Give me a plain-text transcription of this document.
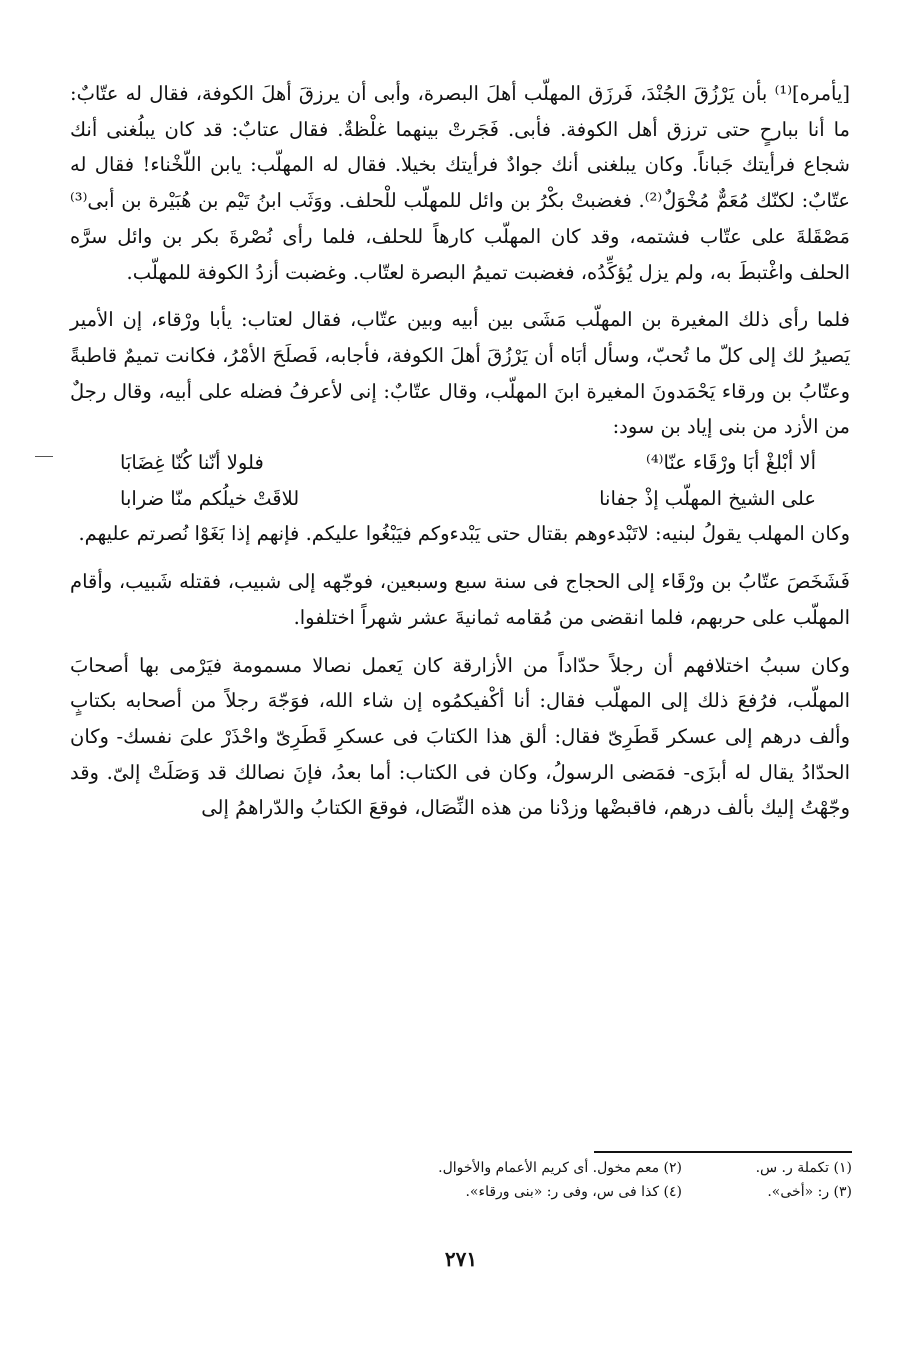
[يأمره]⁽¹⁾ بأن يَرْزُقَ الجُنْدَ، فَرزَق المهلّب أهلَ البصرة، وأبى أن يرزقَ أهلَ الكوفة، فقال له عتّابٌ: ما أنا ببارحٍ حتى ترزق أهل الكوفة. فأبى. فَجَرتْ بينهما غلْظةٌ. فقال عتابٌ: قد كان يبلُغنى أنك شجاع فرأيتك جَباناً. وكان يبلغنى أنك جوادٌ فرأيتك بخيلا. فقال له المهلّب: يابن اللّخْناء! فقال له عتّابٌ: لكنّك مُعَمٌّ مُخْوَلٌ⁽²⁾. فغضبتْ بكْرُ بن وائل للمهلّب للْحلف. ووَثَب ابنُ تَيْم بن هُبَيْرة بن أبى⁽³⁾ مَصْقَلةَ على عتّاب فشتمه، وقد كان المهلّب كارهاً للحلف، فلما رأى نُصْرةَ بكر بن وائل سرَّه الحلف واغْتبطَ به، ولم يزل يُؤكِّدُه، فغضبت تميمُ البصرة لعتّاب. وغضبت أزدُ الكوفة للمهلّب.

فلما رأى ذلك المغيرة بن المهلّب مَشَى بين أبيه وبين عتّاب، فقال لعتاب: يأبا ورْقاء، إن الأمير يَصيرُ لك إلى كلّ ما تُحبّ، وسأل أبَاه أن يَرْزُقَ أهلَ الكوفة، فأجابه، فَصلَحَ الأمْرُ، فكانت تميمٌ قاطبةً وعتّابُ بن ورقاء يَحْمَدونَ المغيرة ابنَ المهلّب، وقال عتّابٌ: إنى لأعرفُ فضله على أبيه، وقال رجلٌ من الأزد من بنى إياد بن سود:

ألا أبْلغْ أبَا ورْقَاء عنّا⁽⁴⁾
فلولا أنّنا كُنّا غِضَابَا
على الشيخ المهلّب إذْ جفانا
للاقَتْ خيلُكم منّا ضرابا

وكان المهلب يقولُ لبنيه: لاتَبْدءوهم بقتال حتى يَبْدءوكم فيَبْغُوا عليكم. فإنهم إذا بَغَوْا نُصرتم عليهم.

فَشَخَصَ عتّابُ بن ورْقَاء إلى الحجاج فى سنة سبع وسبعين، فوجّهه إلى شبيب، فقتله شَبيب، وأقام المهلّب على حربهم، فلما انقضى من مُقامه ثمانيةَ عشر شهراً اختلفوا.

وكان سببُ اختلافهم أن رجلاً حدّاداً من الأزارقة كان يَعمل نصالا مسمومة فيَرْمى بها أصحابَ المهلّب، فرُفعَ ذلك إلى المهلّب فقال: أنا أكْفيكمُوه إن شاء الله، فوَجّهَ رجلاً من أصحابه بكتابٍ وألف درهم إلى عسكر قَطَرِىّ فقال: ألق هذا الكتابَ فى عسكرِ قَطَرِىّ واحْذَرْ علىَ نفسك- وكان الحدّادُ يقال له أبزَى- فمَضى الرسولُ، وكان فى الكتاب: أما بعدُ، فإنَ نصالك قد وَصَلَتْ إلىّ. وقد وجّهْتُ إليك بألف درهم، فاقبضْها وزدْنا من هذه النِّصَال، فوقعَ الكتابُ والدّراهمُ إلى

(١) تكملة ر. س.
(٢) معم مخول. أى كريم الأعمام والأخوال.
(٣) ر: «أخى».
(٤) كذا فى س، وفى ر: «بنى ورقاء».
٢٧١
